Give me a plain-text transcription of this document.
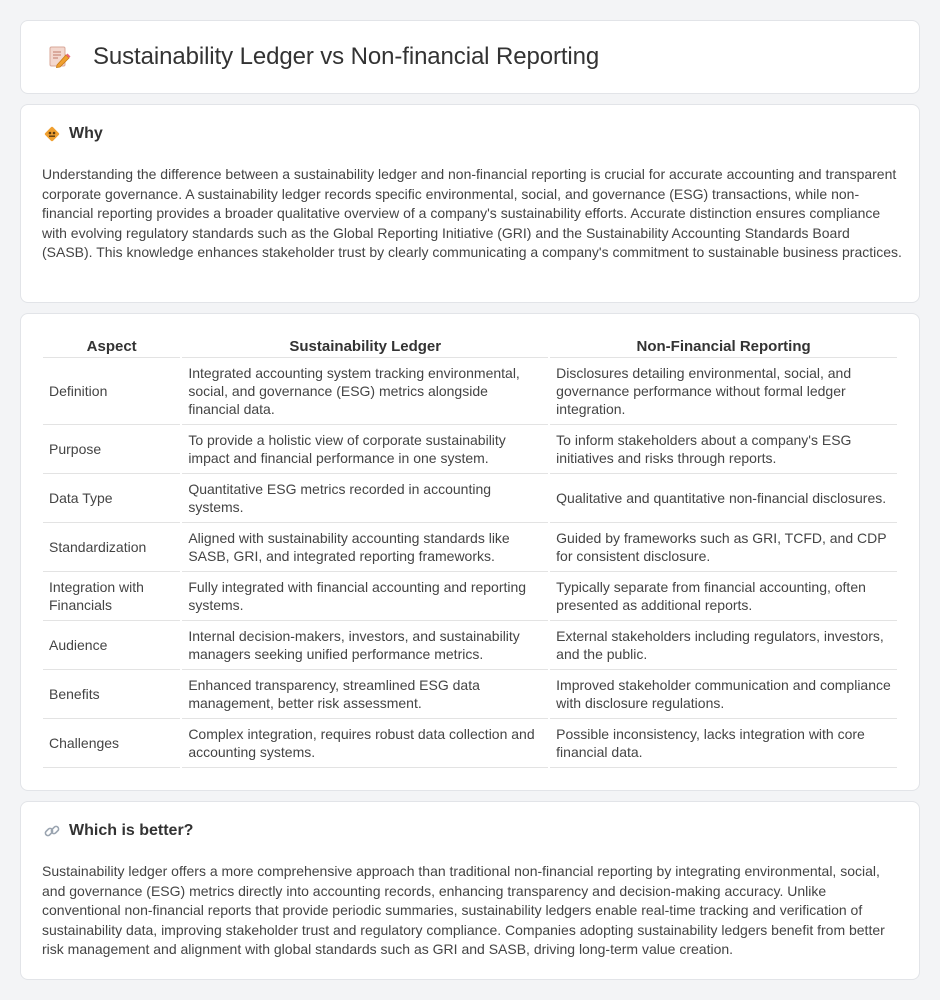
Sustainability Ledger vs Non-financial Reporting
Why

Understanding the difference between a sustainability ledger and non-financial reporting is crucial for accurate accounting and transparent corporate governance. A sustainability ledger records specific environmental, social, and governance (ESG) transactions, while non-financial reporting provides a broader qualitative overview of a company's sustainability efforts. Accurate distinction ensures compliance with evolving regulatory standards such as the Global Reporting Initiative (GRI) and the Sustainability Accounting Standards Board (SASB). This knowledge enhances stakeholder trust by clearly communicating a company's commitment to sustainable business practices.

Aspect	Sustainability Ledger	Non-Financial Reporting
Definition	Integrated accounting system tracking environmental, social, and governance (ESG) metrics alongside financial data.	Disclosures detailing environmental, social, and governance performance without formal ledger integration.
Purpose	To provide a holistic view of corporate sustainability impact and financial performance in one system.	To inform stakeholders about a company's ESG initiatives and risks through reports.
Data Type	Quantitative ESG metrics recorded in accounting systems.	Qualitative and quantitative non-financial disclosures.
Standardization	Aligned with sustainability accounting standards like SASB, GRI, and integrated reporting frameworks.	Guided by frameworks such as GRI, TCFD, and CDP for consistent disclosure.
Integration with Financials	Fully integrated with financial accounting and reporting systems.	Typically separate from financial accounting, often presented as additional reports.
Audience	Internal decision-makers, investors, and sustainability managers seeking unified performance metrics.	External stakeholders including regulators, investors, and the public.
Benefits	Enhanced transparency, streamlined ESG data management, better risk assessment.	Improved stakeholder communication and compliance with disclosure regulations.
Challenges	Complex integration, requires robust data collection and accounting systems.	Possible inconsistency, lacks integration with core financial data.
Which is better?

Sustainability ledger offers a more comprehensive approach than traditional non-financial reporting by integrating environmental, social, and governance (ESG) metrics directly into accounting records, enhancing transparency and decision-making accuracy. Unlike conventional non-financial reports that provide periodic summaries, sustainability ledgers enable real-time tracking and verification of sustainability data, improving stakeholder trust and regulatory compliance. Companies adopting sustainability ledgers benefit from better risk management and alignment with global standards such as GRI and SASB, driving long-term value creation.
